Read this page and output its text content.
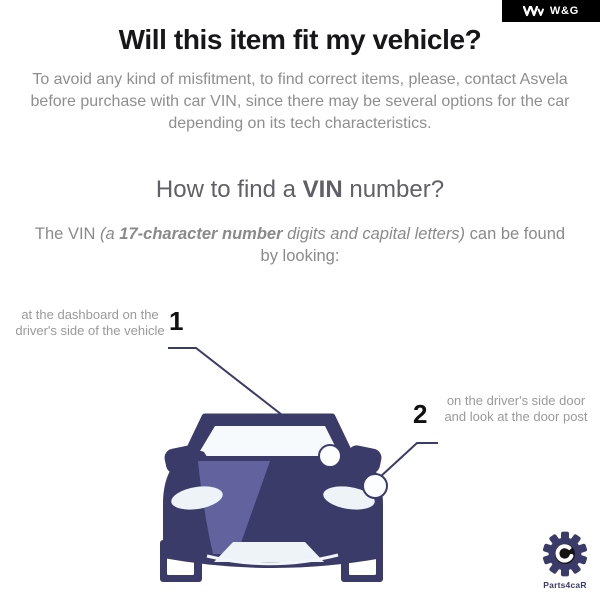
W&G
Will this item fit my vehicle?
To avoid any kind of misfitment, to find correct items, please, contact Asvela before purchase with car VIN, since there may be several options for the car depending on its tech characteristics.
How to find a VIN number?
The VIN (a 17-character number digits and capital letters) can be found by looking:
at the dashboard on the driver's side of the vehicle 1
on the driver's side door and look at the door post
2
Parts4caR
